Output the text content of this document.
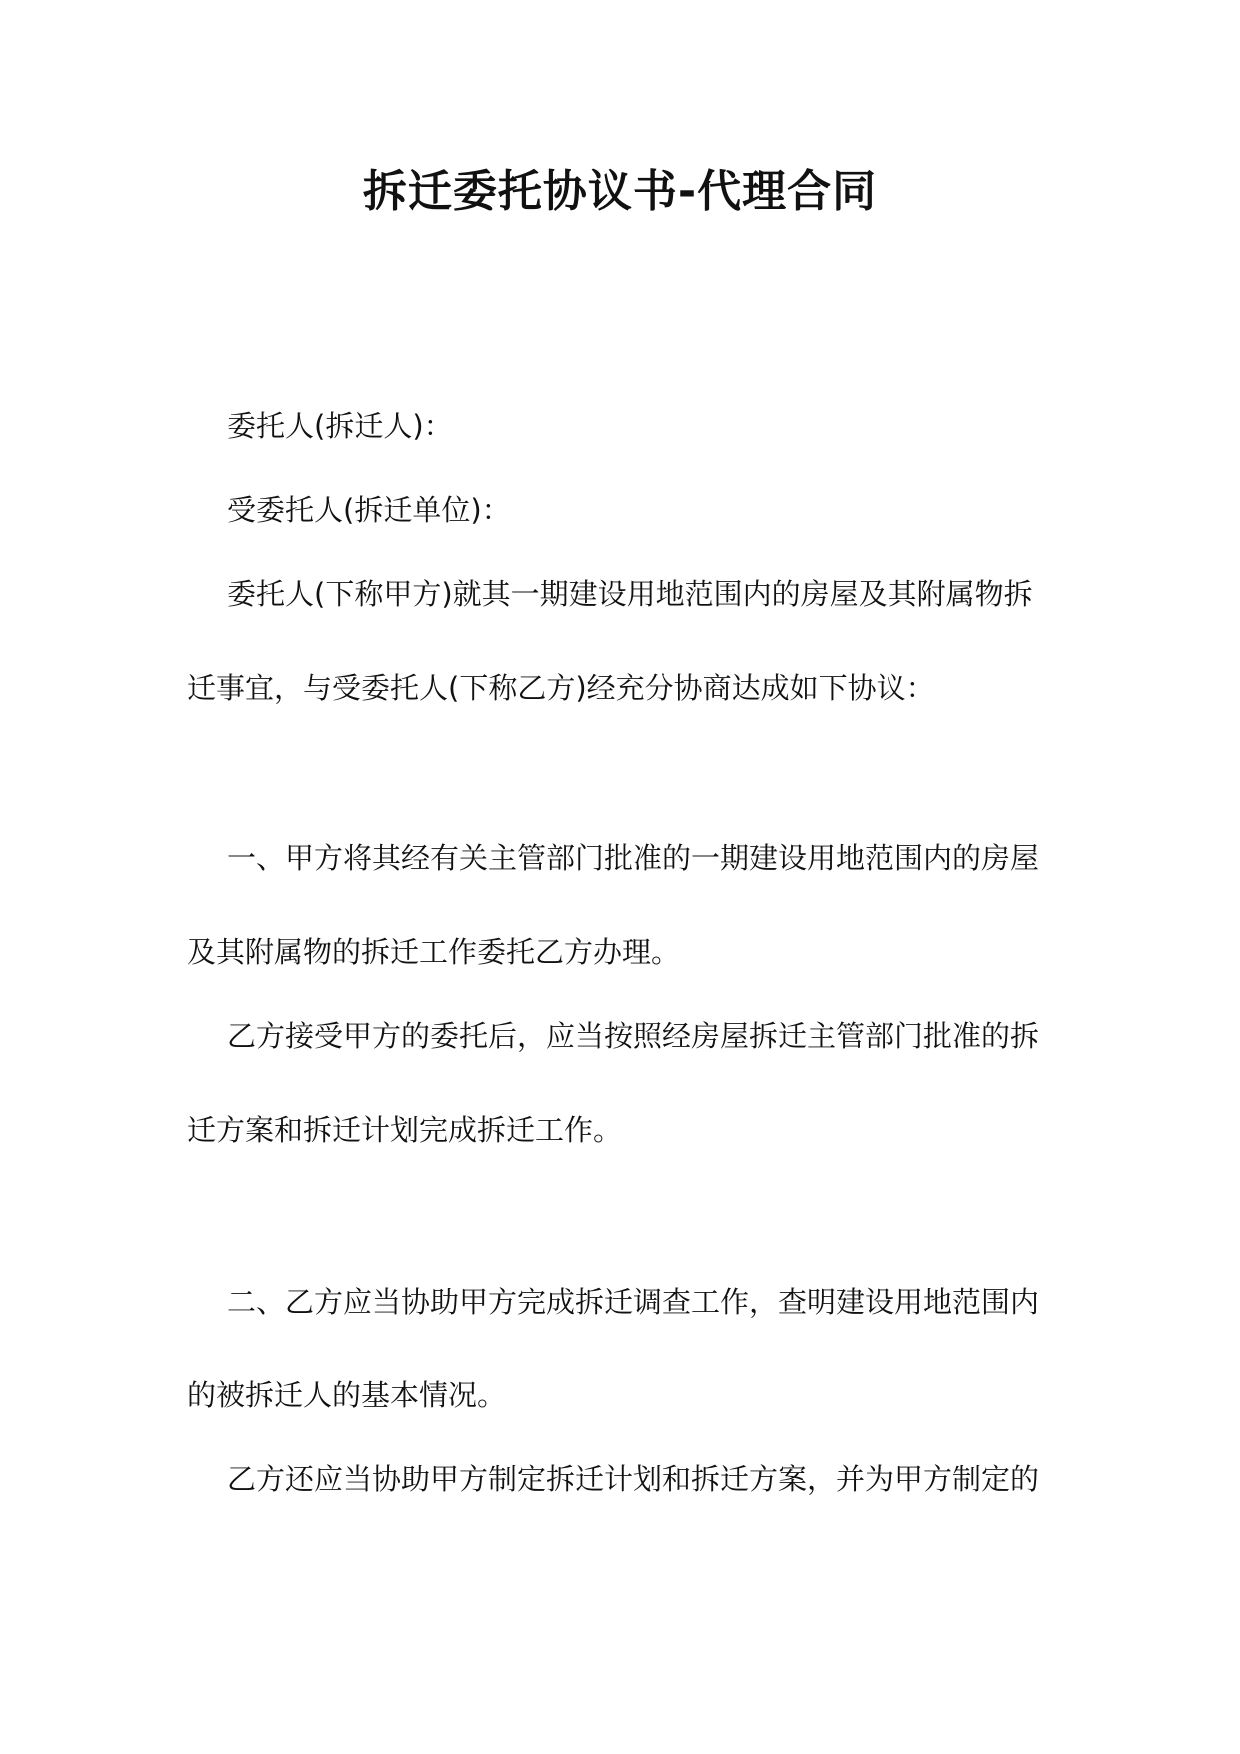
拆迁委托协议书-代理合同

委托人(拆迁人)：

受委托人(拆迁单位)：

委托人(下称甲方)就其一期建设用地范围内的房屋及其附属物拆

迁事宜，与受委托人(下称乙方)经充分协商达成如下协议：

一、甲方将其经有关主管部门批准的一期建设用地范围内的房屋

及其附属物的拆迁工作委托乙方办理。

乙方接受甲方的委托后，应当按照经房屋拆迁主管部门批准的拆

迁方案和拆迁计划完成拆迁工作。

二、乙方应当协助甲方完成拆迁调查工作，查明建设用地范围内

的被拆迁人的基本情况。

乙方还应当协助甲方制定拆迁计划和拆迁方案，并为甲方制定的
